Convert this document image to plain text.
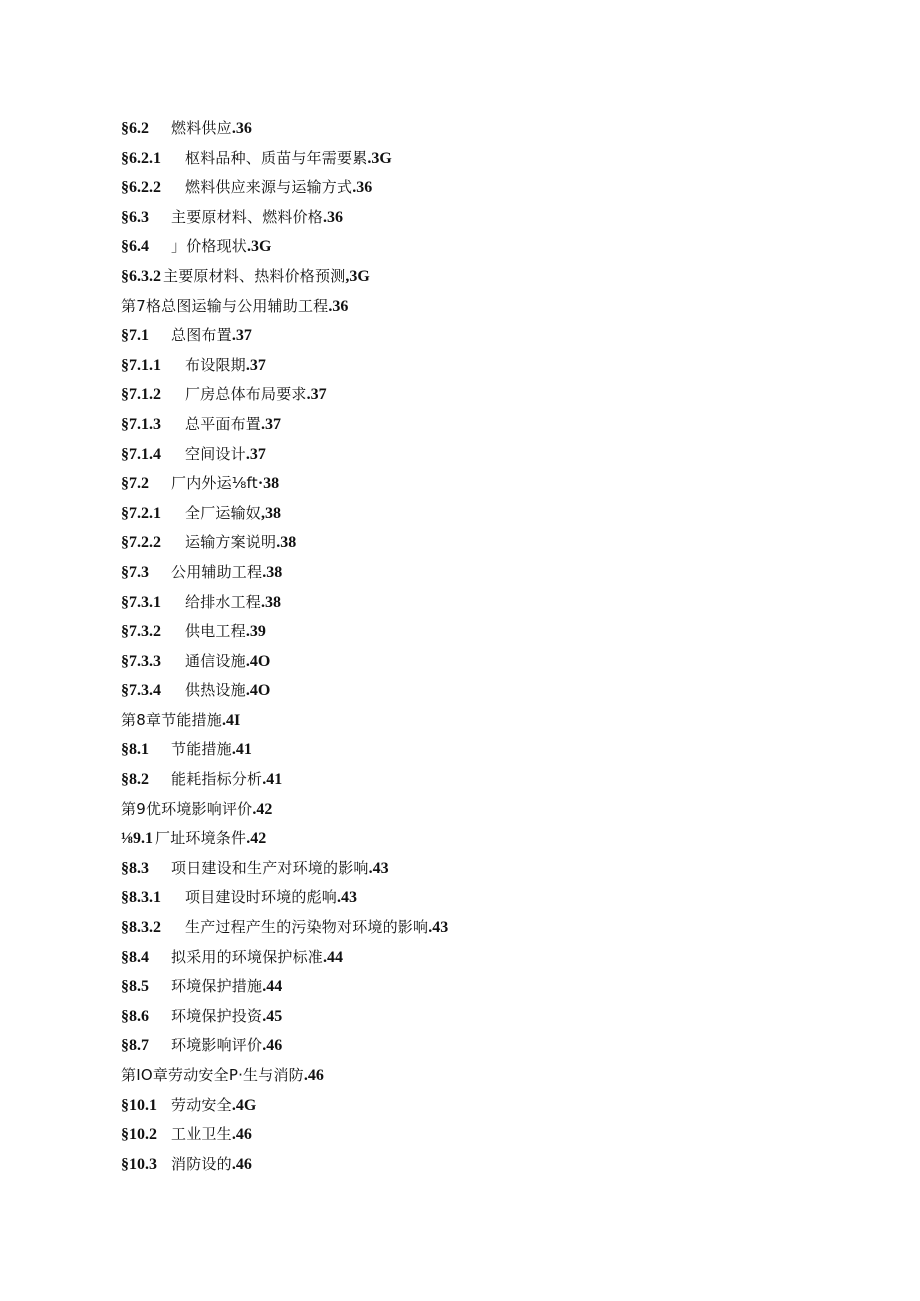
§6.2	燃料供应 .36
§6.2.1	枢料品种、质苗与年需要累 .3G
§6.2.2	燃料供应来源与运输方式 .36
§6.3	主要原材料、燃料价格 .36
§6.4	」价格现状 .3G
§6.3.2 主要原材料、热料价格预测 ,3G
第7格总图运输与公用辅助工程 .36
§7.1	总图布置 .37
§7.1.1	布设限期 .37
§7.1.2	厂房总体布局要求 .37
§7.1.3	总平面布置 .37
§7.1.4	空间设计 .37
§7.2	厂内外运⅛ft ·38
§7.2.1	全厂运输奴 ,38
§7.2.2	运输方案说明 .38
§7.3	公用辅助工程 .38
§7.3.1	给排水工程 .38
§7.3.2	供电工程 .39
§7.3.3	通信设施 .4O
§7.3.4	供热设施 .4O
第8章节能措施 .4I
§8.1	节能措施 .41
§8.2	能耗指标分析 .41
第9优环境影响评价 .42
⅛9.1 厂址环境条件 .42
§8.3	项日建设和生产对环境的影响 .43
§8.3.1	项目建设时环境的彪响 .43
§8.3.2	生产过程产生的污染物对环境的影响 .43
§8.4	拟采用的环境保护标准 .44
§8.5	环境保护措施 .44
§8.6	环境保护投资 .45
§8.7	环境影响评价 .46
第IO章劳动安全P·生与消防 .46
§10.1 劳动安全 .4G
§10.2 工业卫生 .46
§10.3 消防设的 .46
